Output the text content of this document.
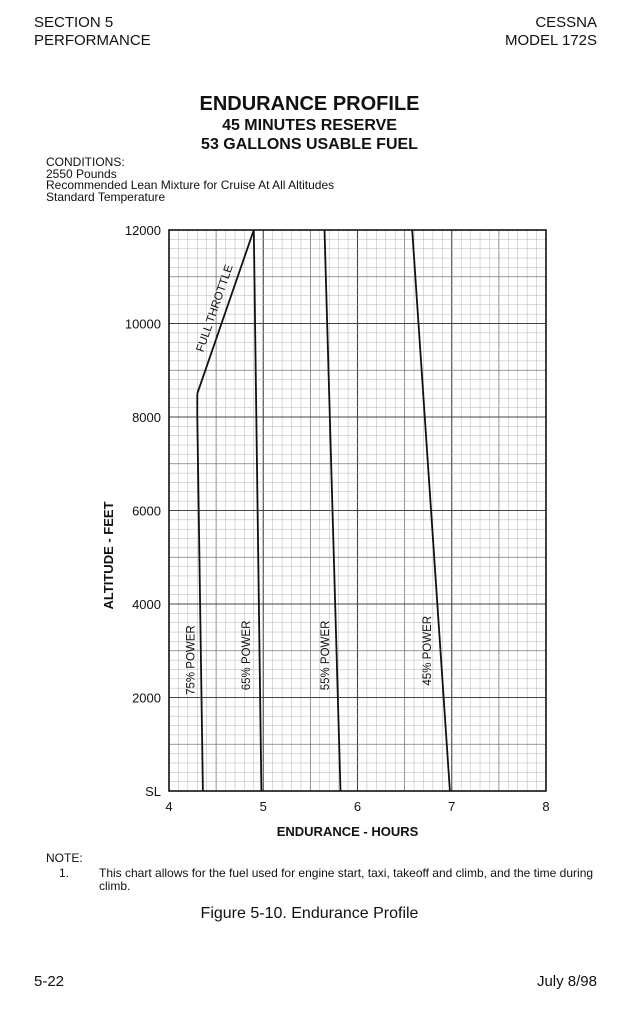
SECTION 5
PERFORMANCE
CESSNA
MODEL 172S
ENDURANCE PROFILE
45 MINUTES RESERVE
53 GALLONS USABLE FUEL
CONDITIONS:
2550 Pounds
Recommended Lean Mixture for Cruise At All Altitudes
Standard Temperature
4	5	6	7	8
SL
2000
4000
6000
8000
10000
12000
ENDURANCE - HOURS
ALTITUDE - FEET
FULL THROTTLE
75% POWER	65% POWER	55% POWER	45% POWER
NOTE:
1. This chart allows for the fuel used for engine start, taxi, takeoff and climb, and the time during climb.
Figure 5-10. Endurance Profile
5-22	July 8/98
